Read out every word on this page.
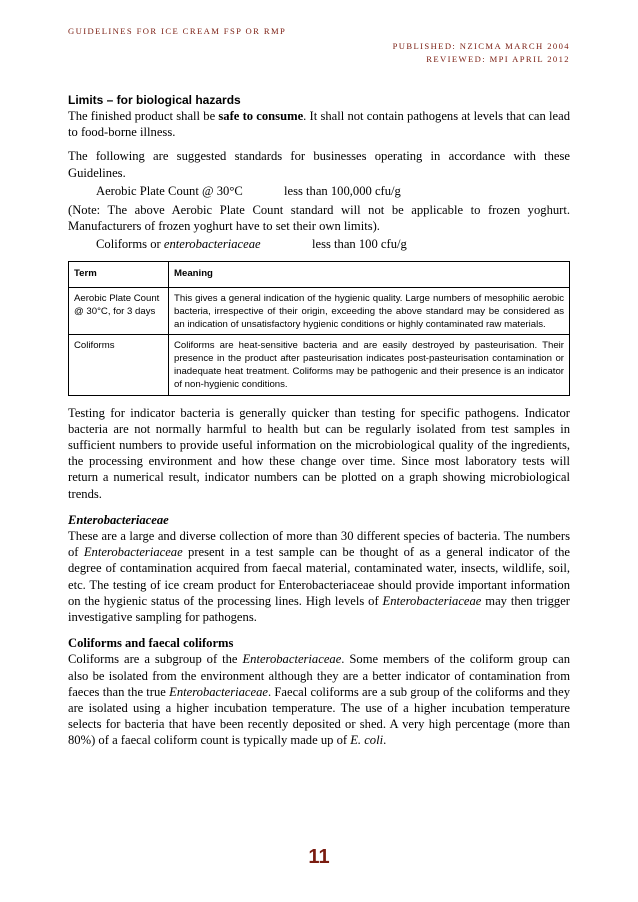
GUIDELINES FOR ICE CREAM FSP OR RMP
PUBLISHED: NZICMA MARCH 2004
REVIEWED: MPI APRIL 2012
Limits – for biological hazards

The finished product shall be safe to consume. It shall not contain pathogens at levels that can lead to food-borne illness.

The following are suggested standards for businesses operating in accordance with these Guidelines.

Aerobic Plate Count @ 30°C	less than 100,000 cfu/g

(Note: The above Aerobic Plate Count standard will not be applicable to frozen yoghurt. Manufacturers of frozen yoghurt have to set their own limits).

Coliforms or enterobacteriaceae	less than 100 cfu/g
Term	Meaning
Aerobic Plate Count @ 30°C, for 3 days	This gives a general indication of the hygienic quality. Large numbers of mesophilic aerobic bacteria, irrespective of their origin, exceeding the above standard may be considered as an indication of unsatisfactory hygienic conditions or highly contaminated raw materials.
Coliforms	Coliforms are heat-sensitive bacteria and are easily destroyed by pasteurisation. Their presence in the product after pasteurisation indicates post-pasteurisation contamination or inadequate heat treatment. Coliforms may be pathogenic and their presence is an indicator of non-hygienic conditions.

Testing for indicator bacteria is generally quicker than testing for specific pathogens. Indicator bacteria are not normally harmful to health but can be regularly isolated from test samples in sufficient numbers to provide useful information on the microbiological quality of the ingredients, the processing environment and how these change over time. Since most laboratory tests will return a numerical result, indicator numbers can be plotted on a graph showing microbiological trends.

Enterobacteriaceae

These are a large and diverse collection of more than 30 different species of bacteria. The numbers of Enterobacteriaceae present in a test sample can be thought of as a general indicator of the degree of contamination acquired from faecal material, contaminated water, insects, wildlife, soil, etc. The testing of ice cream product for Enterobacteriaceae should provide important information on the hygienic status of the processing lines. High levels of Enterobacteriaceae may then trigger investigative sampling for pathogens.

Coliforms and faecal coliforms

Coliforms are a subgroup of the Enterobacteriaceae. Some members of the coliform group can also be isolated from the environment although they are a better indicator of contamination from faeces than the true Enterobacteriaceae. Faecal coliforms are a sub group of the coliforms and they are isolated using a higher incubation temperature. The use of a higher incubation temperature selects for bacteria that have been recently deposited or shed. A very high percentage (more than 80%) of a faecal coliform count is typically made up of E. coli.

11
